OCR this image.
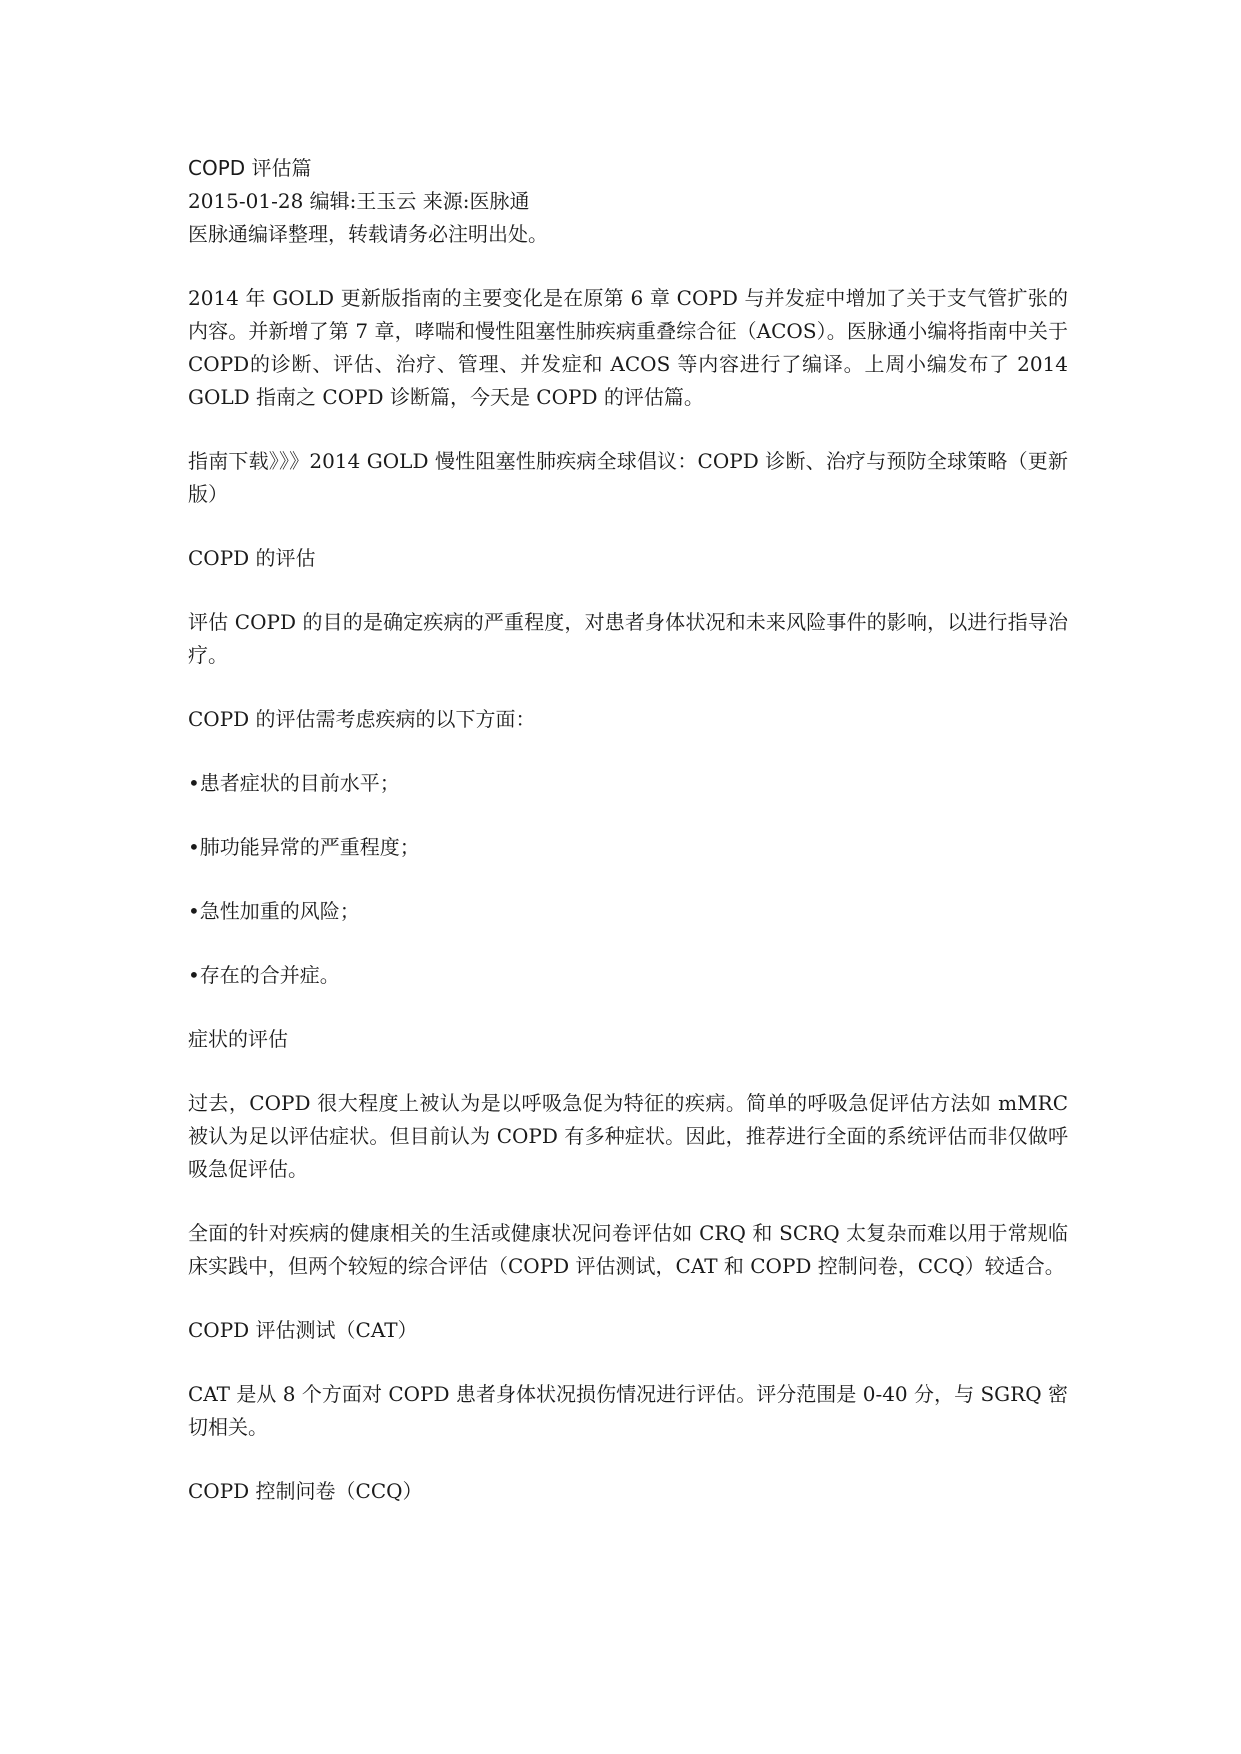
COPD 评估篇

2015-01-28 编辑:王玉云 来源:医脉通

医脉通编译整理，转载请务必注明出处。

2014 年 GOLD 更新版指南的主要变化是在原第 6 章 COPD 与并发症中增加了关于支气管扩张的内容。并新增了第 7 章，哮喘和慢性阻塞性肺疾病重叠综合征（ACOS）。医脉通小编将指南中关于 COPD的诊断、评估、治疗、管理、并发症和 ACOS 等内容进行了编译。上周小编发布了 2014 GOLD 指南之 COPD 诊断篇，今天是 COPD 的评估篇。

指南下载》》》2014 GOLD 慢性阻塞性肺疾病全球倡议：COPD 诊断、治疗与预防全球策略（更新版）

COPD 的评估

评估 COPD 的目的是确定疾病的严重程度，对患者身体状况和未来风险事件的影响，以进行指导治疗。

COPD 的评估需考虑疾病的以下方面：

•患者症状的目前水平；

•肺功能异常的严重程度；

•急性加重的风险；

•存在的合并症。

症状的评估

过去，COPD 很大程度上被认为是以呼吸急促为特征的疾病。简单的呼吸急促评估方法如 mMRC 被认为足以评估症状。但目前认为 COPD 有多种症状。因此，推荐进行全面的系统评估而非仅做呼吸急促评估。

全面的针对疾病的健康相关的生活或健康状况问卷评估如 CRQ 和 SCRQ 太复杂而难以用于常规临床实践中，但两个较短的综合评估（COPD 评估测试，CAT 和 COPD 控制问卷，CCQ）较适合。

COPD 评估测试（CAT）

CAT 是从 8 个方面对 COPD 患者身体状况损伤情况进行评估。评分范围是 0-40 分，与 SGRQ 密切相关。

COPD 控制问卷（CCQ）
